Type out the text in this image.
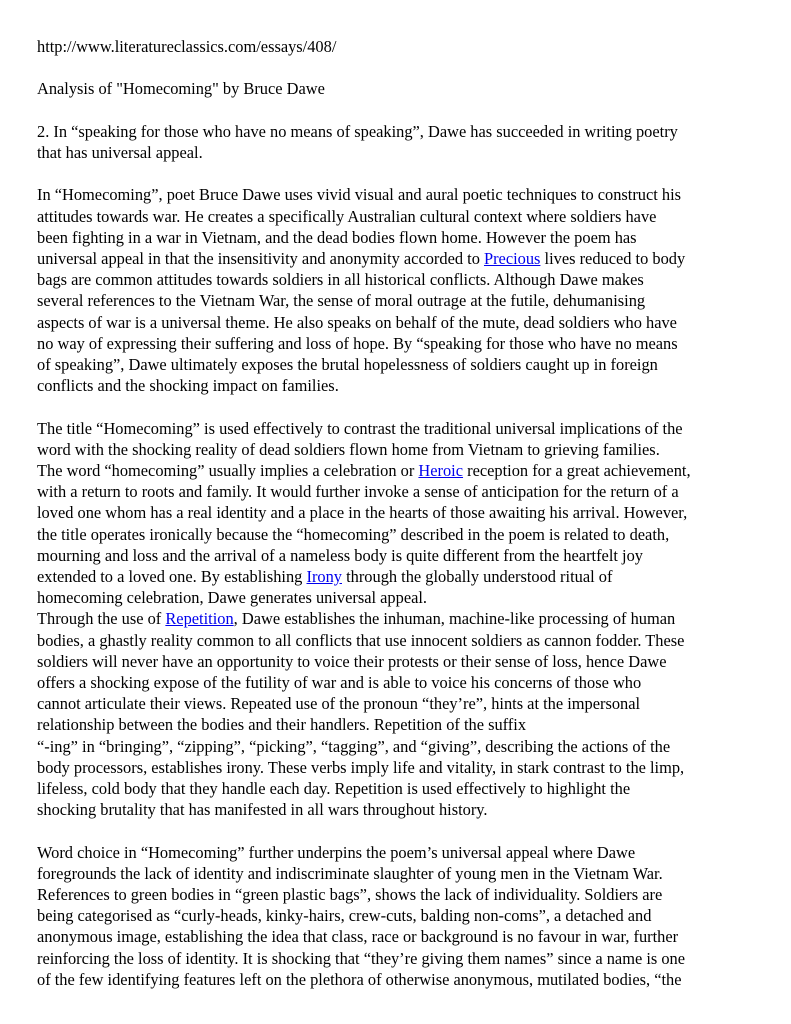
http://www.literatureclassics.com/essays/408/
Analysis of "Homecoming" by Bruce Dawe
2. In “speaking for those who have no means of speaking”, Dawe has succeeded in writing poetry
that has universal appeal.
In “Homecoming”, poet Bruce Dawe uses vivid visual and aural poetic techniques to construct his
attitudes towards war. He creates a specifically Australian cultural context where soldiers have
been fighting in a war in Vietnam, and the dead bodies flown home. However the poem has
universal appeal in that the insensitivity and anonymity accorded to Precious lives reduced to body
bags are common attitudes towards soldiers in all historical conflicts. Although Dawe makes
several references to the Vietnam War, the sense of moral outrage at the futile, dehumanising
aspects of war is a universal theme. He also speaks on behalf of the mute, dead soldiers who have
no way of expressing their suffering and loss of hope. By “speaking for those who have no means
of speaking”, Dawe ultimately exposes the brutal hopelessness of soldiers caught up in foreign
conflicts and the shocking impact on families.
The title “Homecoming” is used effectively to contrast the traditional universal implications of the
word with the shocking reality of dead soldiers flown home from Vietnam to grieving families.
The word “homecoming” usually implies a celebration or Heroic reception for a great achievement,
with a return to roots and family. It would further invoke a sense of anticipation for the return of a
loved one whom has a real identity and a place in the hearts of those awaiting his arrival. However,
the title operates ironically because the “homecoming” described in the poem is related to death,
mourning and loss and the arrival of a nameless body is quite different from the heartfelt joy
extended to a loved one. By establishing Irony through the globally understood ritual of
homecoming celebration, Dawe generates universal appeal.
Through the use of Repetition, Dawe establishes the inhuman, machine-like processing of human
bodies, a ghastly reality common to all conflicts that use innocent soldiers as cannon fodder. These
soldiers will never have an opportunity to voice their protests or their sense of loss, hence Dawe
offers a shocking expose of the futility of war and is able to voice his concerns of those who
cannot articulate their views. Repeated use of the pronoun “they’re”, hints at the impersonal
relationship between the bodies and their handlers. Repetition of the suffix
“-ing” in “bringing”, “zipping”, “picking”, “tagging”, and “giving”, describing the actions of the
body processors, establishes irony. These verbs imply life and vitality, in stark contrast to the limp,
lifeless, cold body that they handle each day. Repetition is used effectively to highlight the
shocking brutality that has manifested in all wars throughout history.
Word choice in “Homecoming” further underpins the poem’s universal appeal where Dawe
foregrounds the lack of identity and indiscriminate slaughter of young men in the Vietnam War.
References to green bodies in “green plastic bags”, shows the lack of individuality. Soldiers are
being categorised as “curly-heads, kinky-hairs, crew-cuts, balding non-coms”, a detached and
anonymous image, establishing the idea that class, race or background is no favour in war, further
reinforcing the loss of identity. It is shocking that “they’re giving them names” since a name is one
of the few identifying features left on the plethora of otherwise anonymous, mutilated bodies, “the
